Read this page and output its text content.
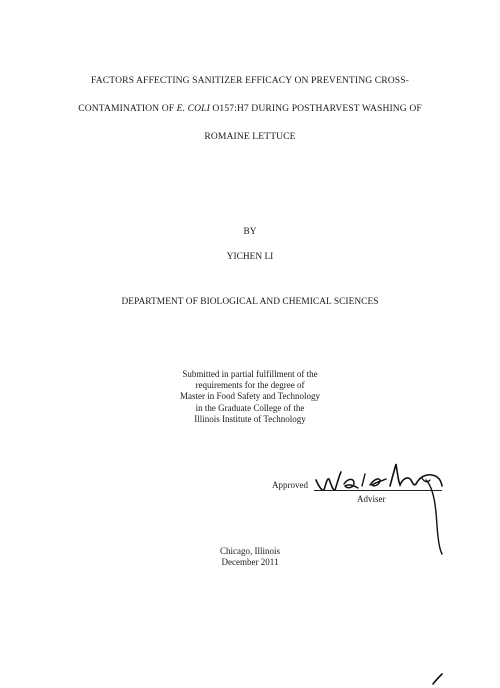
FACTORS AFFECTING SANITIZER EFFICACY ON PREVENTING CROSS-
CONTAMINATION OF E. COLI O157:H7 DURING POSTHARVEST WASHING OF
ROMAINE LETTUCE
BY
YICHEN LI
DEPARTMENT OF BIOLOGICAL AND CHEMICAL SCIENCES
Submitted in partial fulfillment of the
requirements for the degree of
Master in Food Safety and Technology
in the Graduate College of the
Illinois Institute of Technology
Approved
Adviser
Chicago, Illinois
December 2011
